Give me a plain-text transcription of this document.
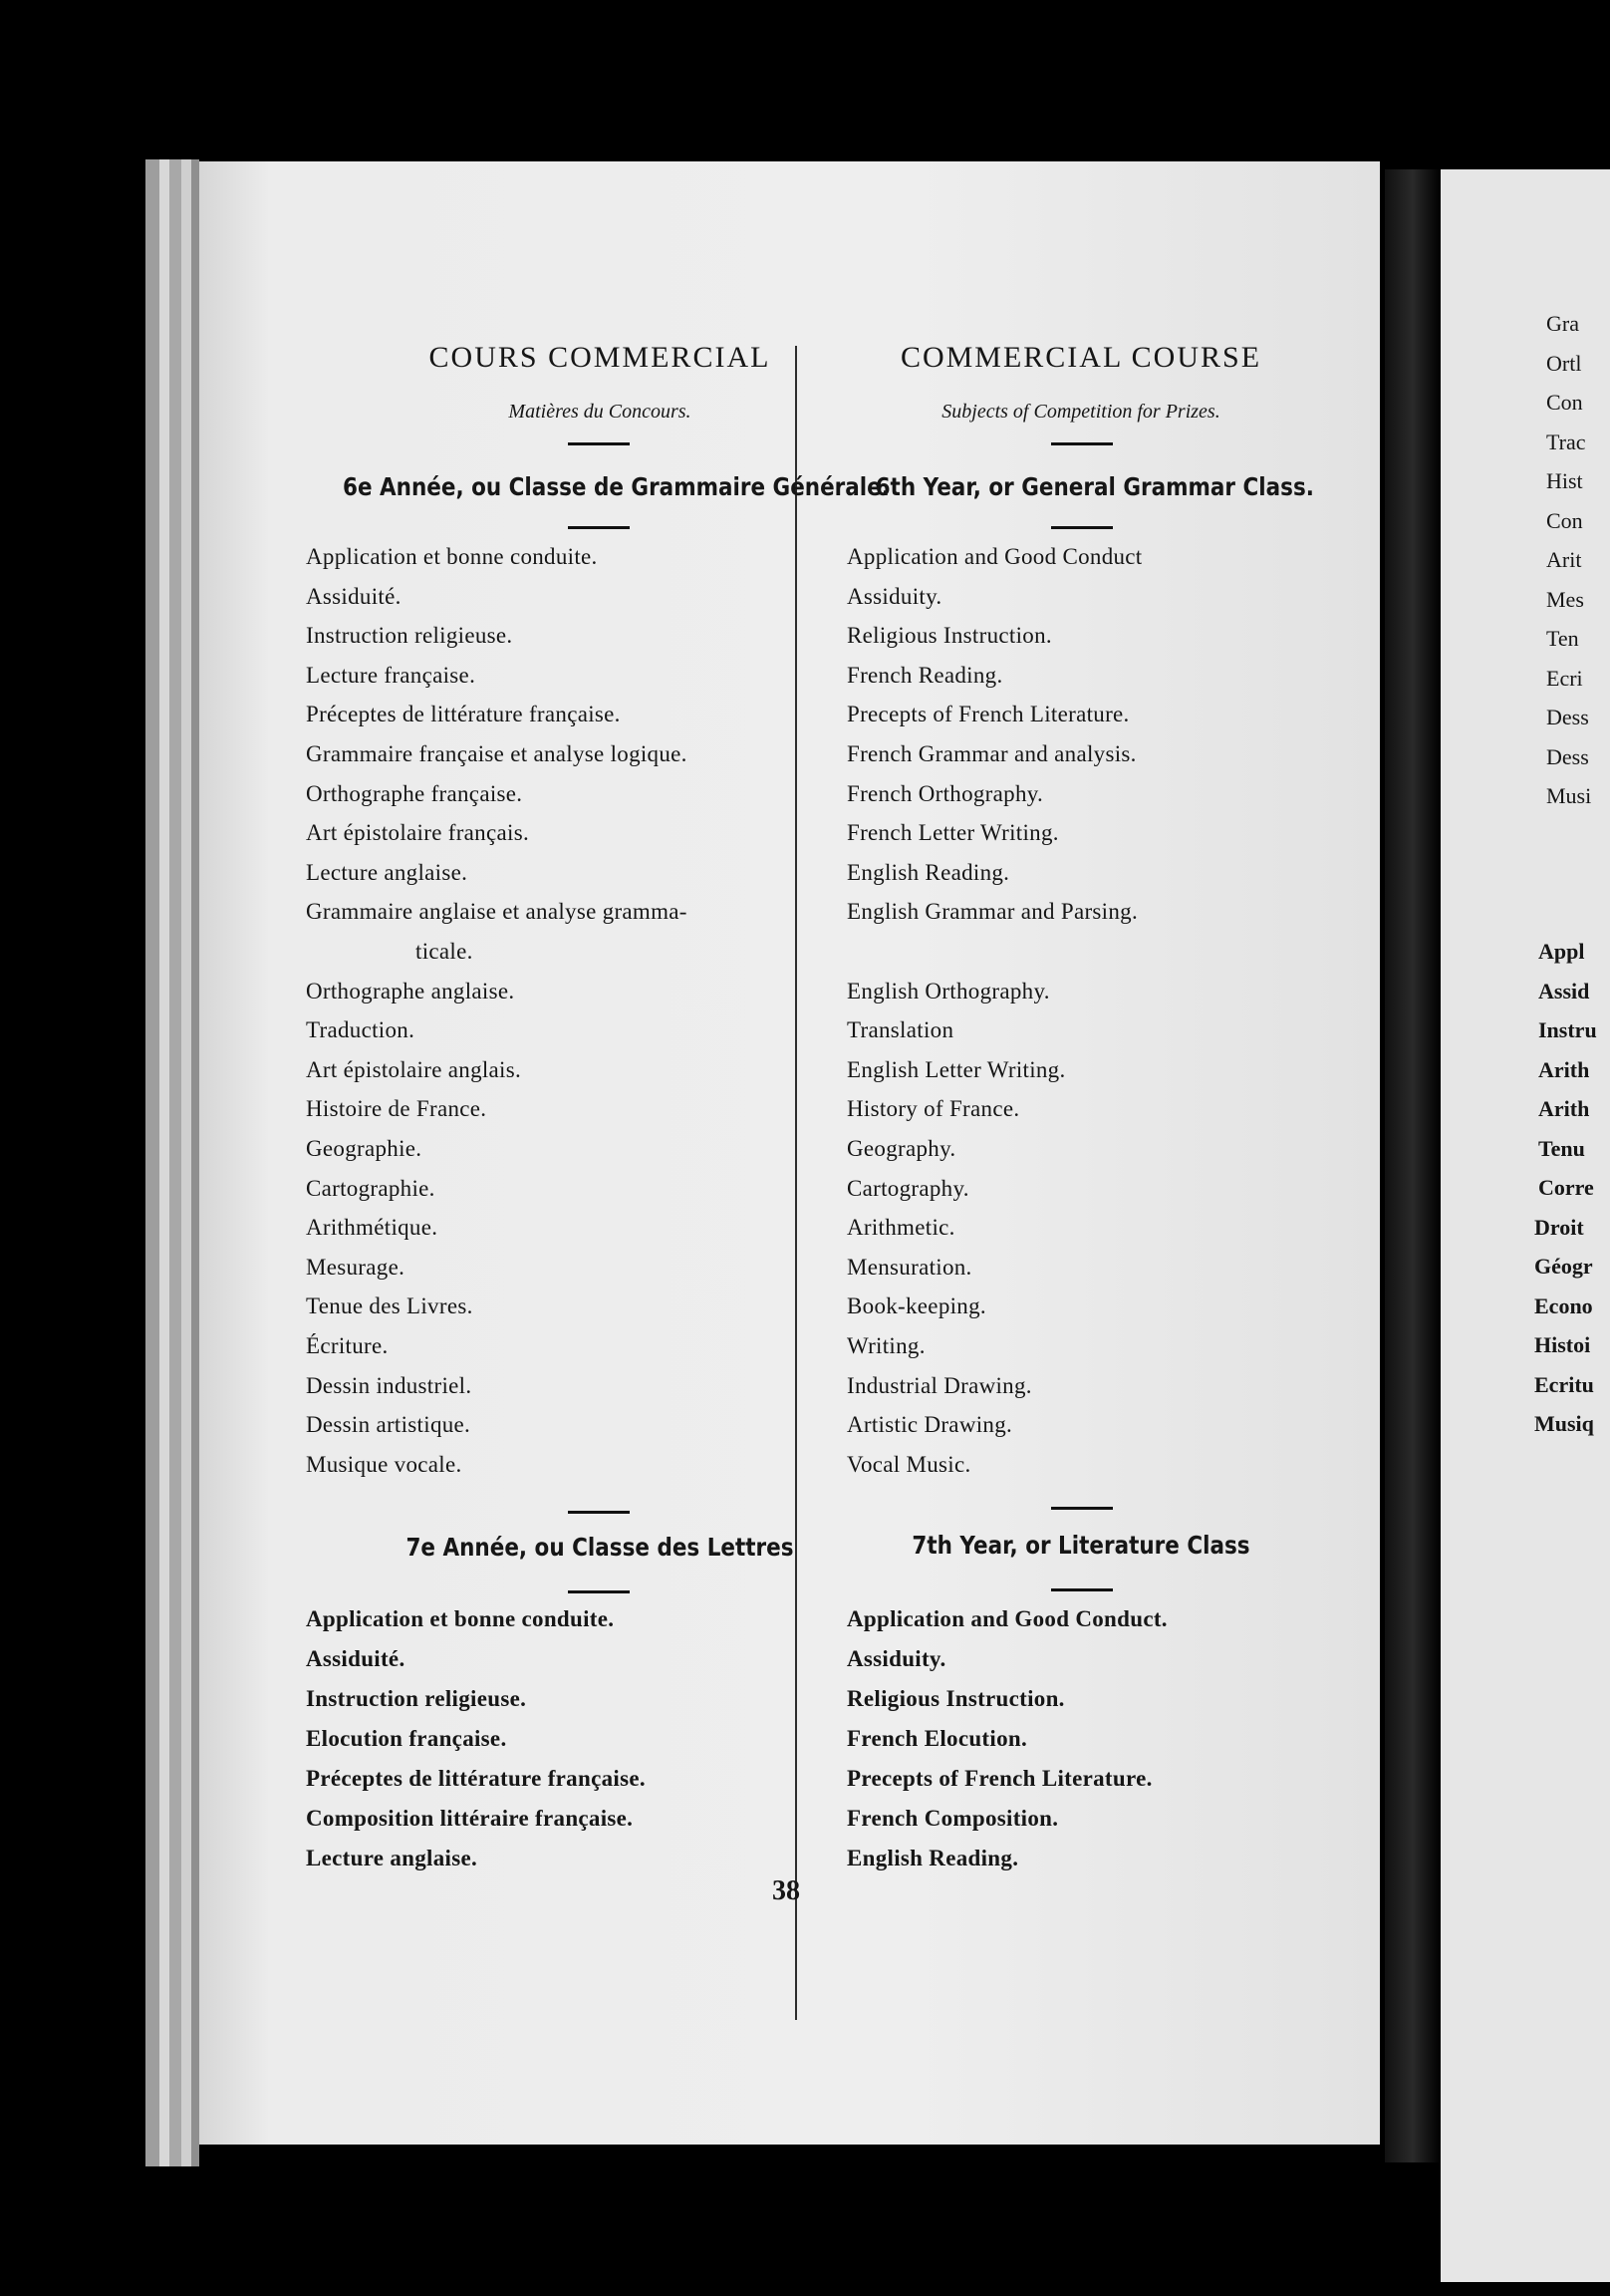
COURS COMMERCIAL
Matières du Concours.
6e Année, ou Classe de Grammaire Générale.
Application et bonne conduite.
Assiduité.
Instruction religieuse.
Lecture française.
Préceptes de littérature française.
Grammaire française et analyse logique.
Orthographe française.
Art épistolaire français.
Lecture anglaise.
Grammaire anglaise et analyse gramma-
ticale.
Orthographe anglaise.
Traduction.
Art épistolaire anglais.
Histoire de France.
Geographie.
Cartographie.
Arithmétique.
Mesurage.
Tenue des Livres.
Écriture.
Dessin industriel.
Dessin artistique.
Musique vocale.
7e Année, ou Classe des Lettres
Application et bonne conduite.
Assiduité.
Instruction religieuse.
Elocution française.
Préceptes de littérature française.
Composition littéraire française.
Lecture anglaise.
COMMERCIAL COURSE
Subjects of Competition for Prizes.
6th Year, or General Grammar Class.
Application and Good Conduct
Assiduity.
Religious Instruction.
French Reading.
Precepts of French Literature.
French Grammar and analysis.
French Orthography.
French Letter Writing.
English Reading.
English Grammar and Parsing.
English Orthography.
Translation
English Letter Writing.
History of France.
Geography.
Cartography.
Arithmetic.
Mensuration.
Book-keeping.
Writing.
Industrial Drawing.
Artistic Drawing.
Vocal Music.
7th Year, or Literature Class
Application and Good Conduct.
Assiduity.
Religious Instruction.
French Elocution.
Precepts of French Literature.
French Composition.
English Reading.
38
Gra
Ortl
Con
Trac
Hist
Con
Arit
Mes
Ten
Ecri
Dess
Dess
Musi
Appl
Assid
Instru
Arith
Arith
Tenu
Corre
Droit
Géogr
Econo
Histoi
Ecritu
Musiq
